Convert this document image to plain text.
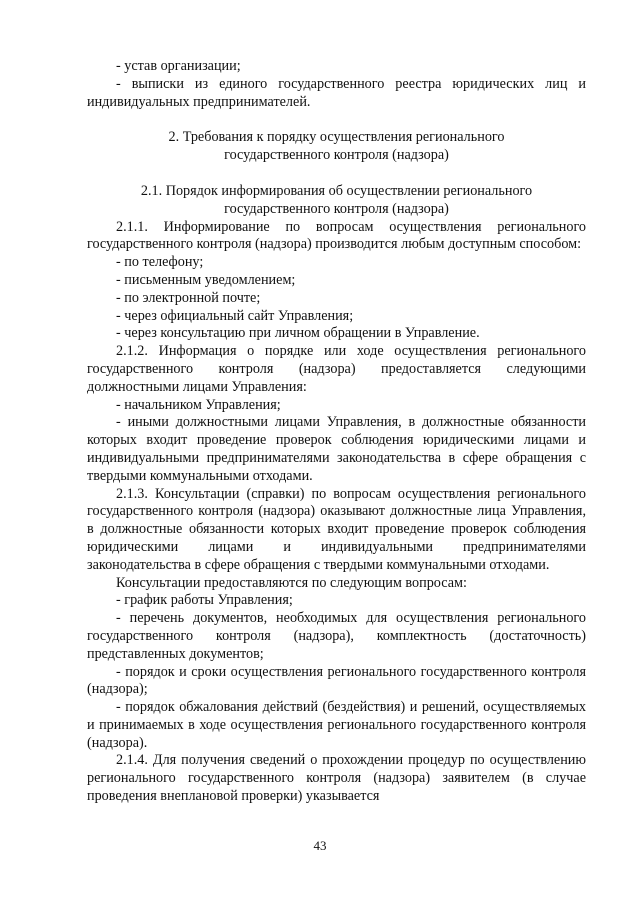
- устав организации;

- выписки из единого государственного реестра юридических лиц и индивидуальных предпринимателей.

2. Требования к порядку осуществления регионального государственного контроля (надзора)

2.1. Порядок информирования об осуществлении регионального государственного контроля (надзора)

2.1.1. Информирование по вопросам осуществления регионального государственного контроля (надзора) производится любым доступным способом:

- по телефону;

- письменным уведомлением;

- по электронной почте;

- через официальный сайт Управления;

- через консультацию при личном обращении в Управление.

2.1.2. Информация о порядке или ходе осуществления регионального государственного контроля (надзора) предоставляется следующими должностными лицами Управления:

- начальником Управления;

- иными должностными лицами Управления, в должностные обязанности которых входит проведение проверок соблюдения юридическими лицами и индивидуальными предпринимателями законодательства в сфере обращения с твердыми коммунальными отходами.

2.1.3. Консультации (справки) по вопросам осуществления регионального государственного контроля (надзора) оказывают должностные лица Управления, в должностные обязанности которых входит проведение проверок соблюдения юридическими лицами и индивидуальными предпринимателями законодательства в сфере обращения с твердыми коммунальными отходами.

Консультации предоставляются по следующим вопросам:

- график работы Управления;

- перечень документов, необходимых для осуществления регионального государственного контроля (надзора), комплектность (достаточность) представленных документов;

- порядок и сроки осуществления регионального государственного контроля (надзора);

- порядок обжалования действий (бездействия) и решений, осуществляемых и принимаемых в ходе осуществления регионального государственного контроля (надзора).

2.1.4. Для получения сведений о прохождении процедур по осуществлению регионального государственного контроля (надзора) заявителем (в случае проведения внеплановой проверки) указывается

43
